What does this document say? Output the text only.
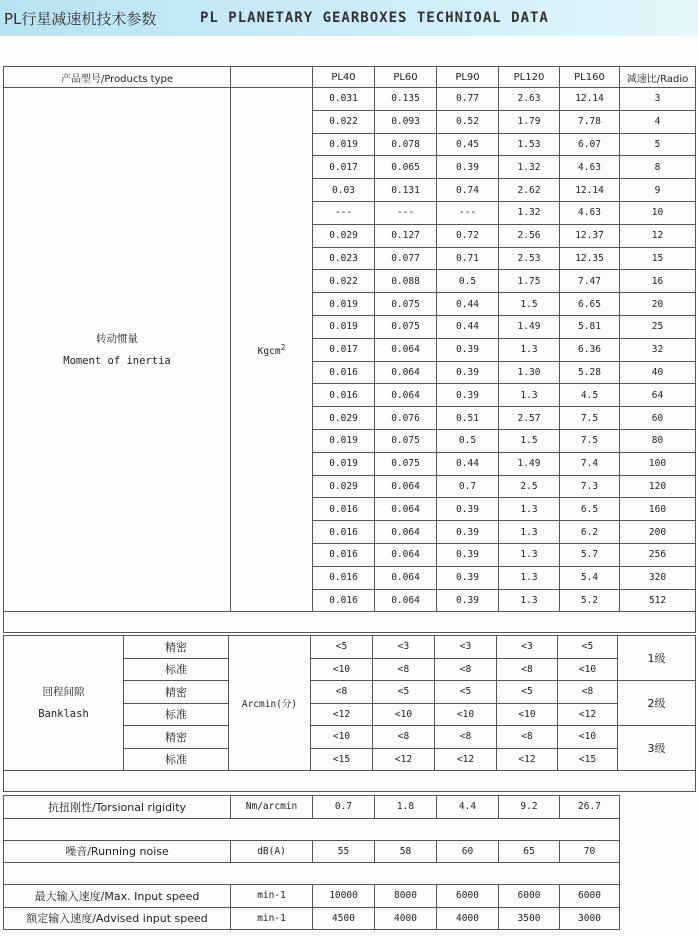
PL行星减速机技术参数	PL PLANETARY GEARBOXES TECHNIOAL DATA
产品型号/Products type		PL40	PL60	PL90	PL120	PL160	减速比/Radio

转动惯量
Moment of inertia	Kgcm$^2$	0.031	0.135	0.77	2.63	12.14	3
		0.022	0.093	0.52	1.79	7.78	4
		0.019	0.078	0.45	1.53	6.07	5
		0.017	0.065	0.39	1.32	4.63	8
		0.03	0.131	0.74	2.62	12.14	9
		---	---	---	1.32	4.63	10
		0.029	0.127	0.72	2.56	12.37	12
		0.023	0.077	0.71	2.53	12.35	15
		0.022	0.088	0.5	1.75	7.47	16
		0.019	0.075	0.44	1.5	6.65	20
		0.019	0.075	0.44	1.49	5.81	25
		0.017	0.064	0.39	1.3	6.36	32
		0.016	0.064	0.39	1.30	5.28	40
		0.016	0.064	0.39	1.3	4.5	64
		0.029	0.076	0.51	2.57	7.5	60
		0.019	0.075	0.5	1.5	7.5	80
		0.019	0.075	0.44	1.49	7.4	100
		0.029	0.064	0.7	2.5	7.3	120
		0.016	0.064	0.39	1.3	6.5	160
		0.016	0.064	0.39	1.3	6.2	200
		0.016	0.064	0.39	1.3	5.7	256
		0.016	0.064	0.39	1.3	5.4	320
		0.016	0.064	0.39	1.3	5.2	512

回程间隙
Banklash	精密	Arcmin(分)	<5	<3	<3	<3	<5	1级
	标准		<10	<8	<8	<8	<10	
	精密		<8	<5	<5	<5	<8	2级
	标准		<12	<10	<10	<10	<12	
	精密		<10	<8	<8	<8	<10	3级
	标准		<15	<12	<12	<12	<15	

抗扭刚性/Torsional rigidity	Nm/arcmin	0.7	1.8	4.4	9.2	26.7

噪音/Running noise	dB(A)	55	58	60	65	70

最大输入速度/Max. Input speed	min-1	10000	8000	6000	6000	6000
额定输入速度/Advised input speed	min-1	4500	4000	4000	3500	3000
